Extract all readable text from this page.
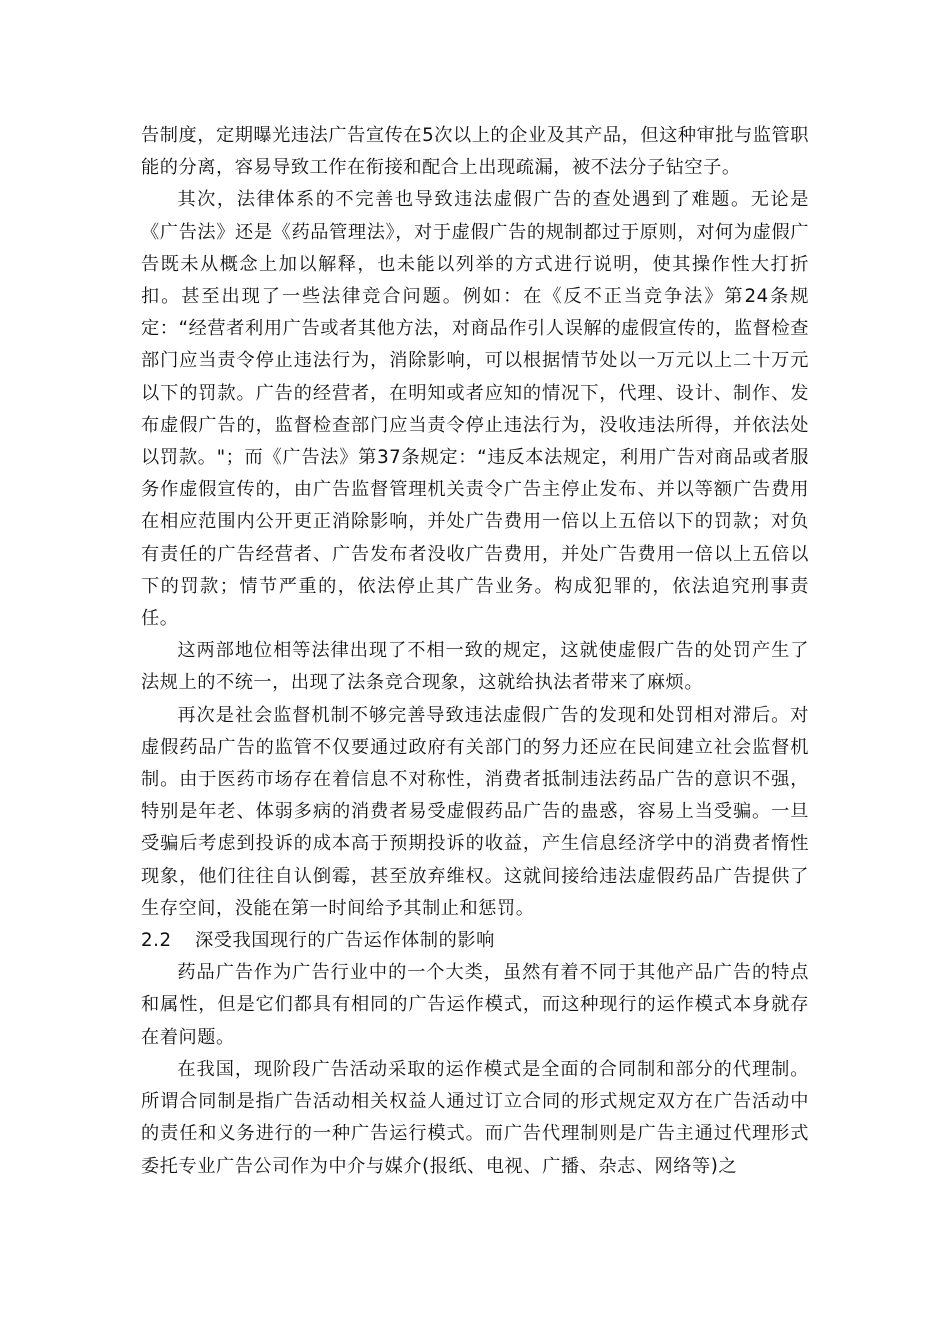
告制度，定期曝光违法广告宣传在5次以上的企业及其产品，但这种审批与监管职能的分离，容易导致工作在衔接和配合上出现疏漏，被不法分子钻空子。

其次，法律体系的不完善也导致违法虚假广告的查处遇到了难题。无论是《广告法》还是《药品管理法》，对于虚假广告的规制都过于原则，对何为虚假广告既未从概念上加以解释，也未能以列举的方式进行说明，使其操作性大打折扣。甚至出现了一些法律竞合问题。例如：在《反不正当竞争法》第24条规定：“经营者利用广告或者其他方法，对商品作引人误解的虚假宣传的，监督检查部门应当责令停止违法行为，消除影响，可以根据情节处以一万元以上二十万元以下的罚款。广告的经营者，在明知或者应知的情况下，代理、设计、制作、发布虚假广告的，监督检查部门应当责令停止违法行为，没收违法所得，并依法处以罚款。"；而《广告法》第37条规定：“违反本法规定，利用广告对商品或者服务作虚假宣传的，由广告监督管理机关责令广告主停止发布、并以等额广告费用在相应范围内公开更正消除影响，并处广告费用一倍以上五倍以下的罚款；对负有责任的广告经营者、广告发布者没收广告费用，并处广告费用一倍以上五倍以下的罚款；情节严重的，依法停止其广告业务。构成犯罪的，依法追究刑事责任。

这两部地位相等法律出现了不相一致的规定，这就使虚假广告的处罚产生了法规上的不统一，出现了法条竞合现象，这就给执法者带来了麻烦。

再次是社会监督机制不够完善导致违法虚假广告的发现和处罚相对滞后。对虚假药品广告的监管不仅要通过政府有关部门的努力还应在民间建立社会监督机制。由于医药市场存在着信息不对称性，消费者抵制违法药品广告的意识不强，特别是年老、体弱多病的消费者易受虚假药品广告的蛊惑，容易上当受骗。一旦受骗后考虑到投诉的成本高于预期投诉的收益，产生信息经济学中的消费者惰性现象，他们往往自认倒霉，甚至放弃维权。这就间接给违法虚假药品广告提供了生存空间，没能在第一时间给予其制止和惩罚。

2.2 深受我国现行的广告运作体制的影响

药品广告作为广告行业中的一个大类，虽然有着不同于其他产品广告的特点和属性，但是它们都具有相同的广告运作模式，而这种现行的运作模式本身就存在着问题。

在我国，现阶段广告活动采取的运作模式是全面的合同制和部分的代理制。所谓合同制是指广告活动相关权益人通过订立合同的形式规定双方在广告活动中的责任和义务进行的一种广告运行模式。而广告代理制则是广告主通过代理形式委托专业广告公司作为中介与媒介(报纸、电视、广播、杂志、网络等)之
